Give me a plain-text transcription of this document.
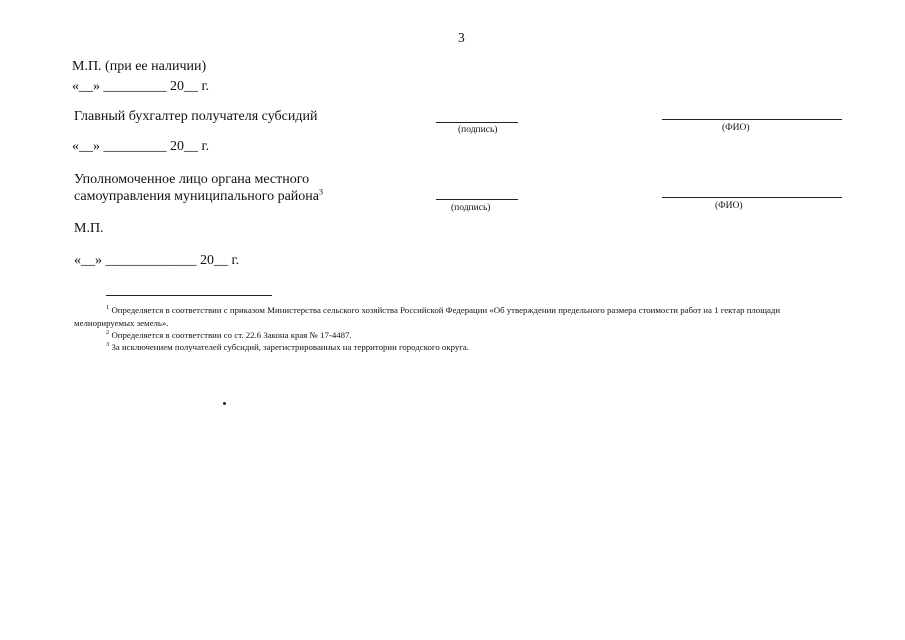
3
М.П. (при ее наличии)
«__» _________ 20__ г.
Главный бухгалтер получателя субсидий
(подпись)	(ФИО)
«__» _________ 20__ г.
Уполномоченное лицо органа местного
самоуправления муниципального района$^3$
(подпись)	(ФИО)
М.П.
«__» _____________ 20__ г.
$^1$ Определяется в соответствии с приказом Министерства сельского хозяйства Российской Федерации «Об утверждении предельного размера стоимости работ на 1 гектар площади
мелиорируемых земель».
$^2$ Определяется в соответствии со ст. 22.6 Закона края № 17-4487.
$^3$ За исключением получателей субсидий, зарегистрированных на территории городского округа.
